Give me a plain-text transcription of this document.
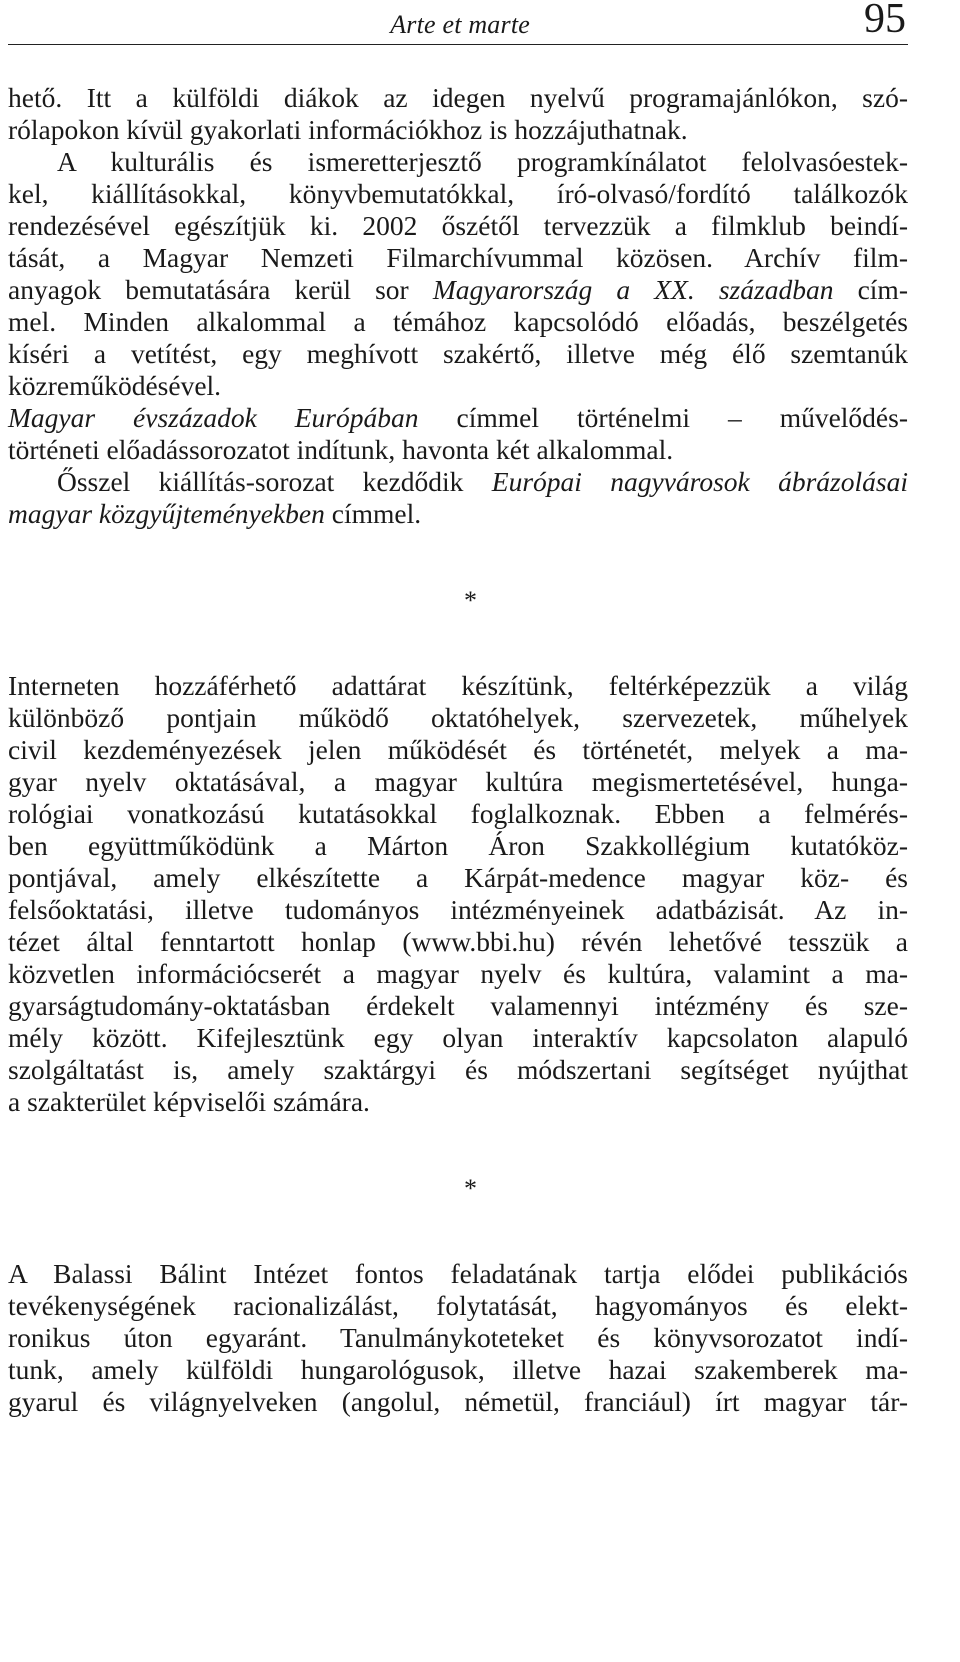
Arte et marte	95
hető. Itt a külföldi diákok az idegen nyelvű programajánlókon, szó-
rólapokon kívül gyakorlati információkhoz is hozzájuthatnak.
A kulturális és ismeretterjesztő programkínálatot felolvasóestek-
kel, kiállításokkal, könyvbemutatókkal, író-olvasó/fordító találkozók
rendezésével egészítjük ki. 2002 őszétől tervezzük a filmklub beindí-
tását, a Magyar Nemzeti Filmarchívummal közösen. Archív film-
anyagok bemutatására kerül sor Magyarország a XX. században cím-
mel. Minden alkalommal a témához kapcsolódó előadás, beszélgetés
kíséri a vetítést, egy meghívott szakértő, illetve még élő szemtanúk
közreműködésével.
Magyar évszázadok Európában címmel történelmi – művelődés-
történeti előadássorozatot indítunk, havonta két alkalommal.
Ősszel kiállítás-sorozat kezdődik Európai nagyvárosok ábrázolásai
magyar közgyűjteményekben címmel.
*
Interneten hozzáférhető adattárat készítünk, feltérképezzük a világ
különböző pontjain működő oktatóhelyek, szervezetek, műhelyek
civil kezdeményezések jelen működését és történetét, melyek a ma-
gyar nyelv oktatásával, a magyar kultúra megismertetésével, hunga-
rológiai vonatkozású kutatásokkal foglalkoznak. Ebben a felmérés-
ben együttműködünk a Márton Áron Szakkollégium kutatóköz-
pontjával, amely elkészítette a Kárpát-medence magyar köz- és
felsőoktatási, illetve tudományos intézményeinek adatbázisát. Az in-
tézet által fenntartott honlap (www.bbi.hu) révén lehetővé tesszük a
közvetlen információcserét a magyar nyelv és kultúra, valamint a ma-
gyarságtudomány-oktatásban érdekelt valamennyi intézmény és sze-
mély között. Kifejlesztünk egy olyan interaktív kapcsolaton alapuló
szolgáltatást is, amely szaktárgyi és módszertani segítséget nyújthat
a szakterület képviselői számára.
*
A Balassi Bálint Intézet fontos feladatának tartja elődei publikációs
tevékenységének racionalizálást, folytatását, hagyományos és elekt-
ronikus úton egyaránt. Tanulmánykoteteket és könyvsorozatot indí-
tunk, amely külföldi hungarológusok, illetve hazai szakemberek ma-
gyarul és világnyelveken (angolul, németül, franciául) írt magyar tár-
